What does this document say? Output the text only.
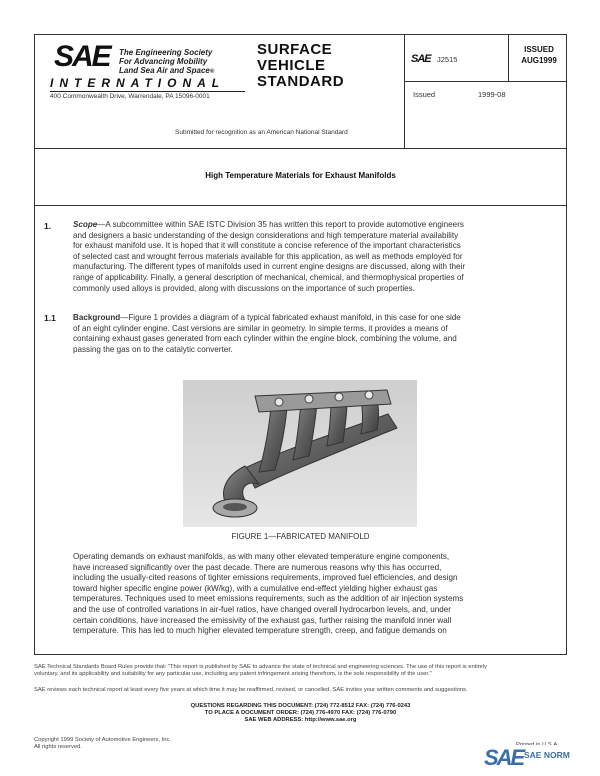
SAE The Engineering Society
For Advancing Mobility
Land Sea Air and Space®
INTERNATIONAL
400 Commonwealth Drive, Warrendale, PA 15096-0001
SURFACE
VEHICLE
STANDARD
SAE J2515
ISSUED
AUG1999
Issued	1999-08
Submitted for recognition as an American National Standard
High Temperature Materials for Exhaust Manifolds
1.	Scope—A subcommittee within SAE ISTC Division 35 has written this report to provide automotive engineers
and designers a basic understanding of the design considerations and high temperature material availability
for exhaust manifold use. It is hoped that it will constitute a concise reference of the important characteristics
of selected cast and wrought ferrous materials available for this application, as well as methods employed for
manufacturing. The different types of manifolds used in current engine designs are discussed, along with their
range of applicability. Finally, a general description of mechanical, chemical, and thermophysical properties of
commonly used alloys is provided, along with discussions on the importance of such properties.
1.1 Background—Figure 1 provides a diagram of a typical fabricated exhaust manifold, in this case for one side
of an eight cylinder engine. Cast versions are similar in geometry. In simple terms, it provides a means of
containing exhaust gases generated from each cylinder within the engine block, combining the volume, and
passing the gas on to the catalytic converter.
FIGURE 1—FABRICATED MANIFOLD
Operating demands on exhaust manifolds, as with many other elevated temperature engine components,
have increased significantly over the past decade. There are numerous reasons why this has occurred,
including the usually-cited reasons of tighter emissions requirements, improved fuel efficiencies, and design
toward higher specific engine power (kW/kg), with a cumulative end-effect yielding higher exhaust gas
temperatures. Techniques used to meet emissions requirements, such as the addition of air injection systems
and the use of controlled variations in air-fuel ratios, have changed overall hydrocarbon levels, and, under
certain conditions, have increased the emissivity of the exhaust gas, further raising the manifold inner wall
temperature. This has led to much higher elevated temperature strength, creep, and fatigue demands on
SAE Technical Standards Board Rules provide that: "This report is published by SAE to advance the state of technical and engineering sciences. The use of this report is entirely
voluntary, and its applicability and suitability for any particular use, including any patent infringement arising therefrom, is the sole responsibility of the user."
SAE reviews each technical report at least every five years at which time it may be reaffirmed, revised, or cancelled. SAE invites your written comments and suggestions.
QUESTIONS REGARDING THIS DOCUMENT: (724) 772-8512 FAX: (724) 776-0243
TO PLACE A DOCUMENT ORDER: (724) 776-4970 FAX: (724) 776-0790
SAE WEB ADDRESS: http://www.sae.org
Copyright 1999 Society of Automotive Engineers, Inc.
All rights reserved.	SAE SAE NORM
